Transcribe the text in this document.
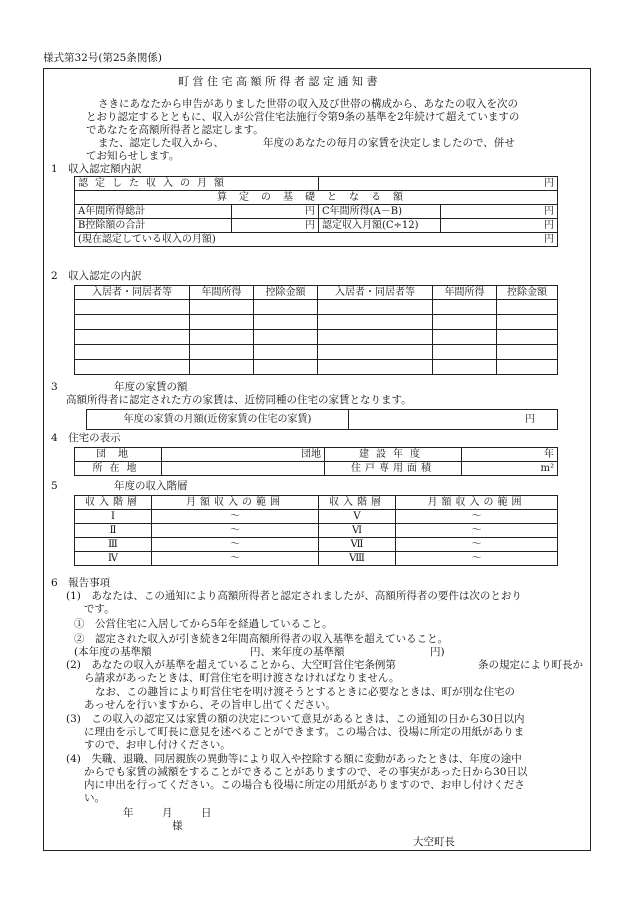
様式第32号(第25条関係)
町営住宅高額所得者認定通知書
さきにあなたから申告がありました世帯の収入及び世帯の構成から、あなたの収入を次の
とおり認定するとともに、収入が公営住宅法施行令第9条の基準を2年続けて超えていますの
であなたを高額所得者と認定します。
また、認定した収入から、	年度のあなたの毎月の家賃を決定しましたので、併せ
てお知らせします。
1　収入認定額内訳
認定した収入の月額		円	
算定の基礎となる額			
A年間所得総計	円	C年間所得(A－B)	円
B控除額の合計	円	認定収入月額(C÷12)	円
(現在認定している収入の月額)		円	
2　収入認定の内訳
入居者・同居者等	年間所得	控除金額	入居者・同居者等	年間所得	控除金額

3	年度の家賃の額
高額所得者に認定された方の家賃は、近傍同種の住宅の家賃となります。
年度の家賃の月額(近傍家賃の住宅の家賃)	円
4　住宅の表示
団地	団地	建設年度	年
所在地		住戸専用面積	m²
5	年度の収入階層
収入階層	月額収入の範囲	収入階層	月額収入の範囲
Ⅰ	～	Ⅴ	～
Ⅱ	～	Ⅵ	～
Ⅲ	～	Ⅶ	～
Ⅳ	～	Ⅷ	～
6　報告事項
(1)　あなたは、この通知により高額所得者と認定されましたが、高額所得者の要件は次のとおり
です。
①　公営住宅に入居してから5年を経過していること。
②　認定された収入が引き続き2年間高額所得者の収入基準を超えていること。
(本年度の基準額	円、来年度の基準額	円)
(2)　あなたの収入が基準を超えていることから、大空町営住宅条例第	条の規定により町長か
ら請求があったときは、町営住宅を明け渡さなければなりません。
なお、この趣旨により町営住宅を明け渡そうとするときに必要なときは、町が別な住宅の
あっせんを行いますから、その旨申し出てください。
(3)　この収入の認定又は家賃の額の決定について意見があるときは、この通知の日から30日以内
に理由を示して町長に意見を述べることができます。この場合は、役場に所定の用紙がありま
すので、お申し付けください。
(4)　失職、退職、同居親族の異動等により収入や控除する額に変動があったときは、年度の途中
からでも家賃の減額をすることができることがありますので、その事実があった日から30日以
内に申出を行ってください。この場合も役場に所定の用紙がありますので、お申し付けくださ
い。
年	月	日
様
大空町長
